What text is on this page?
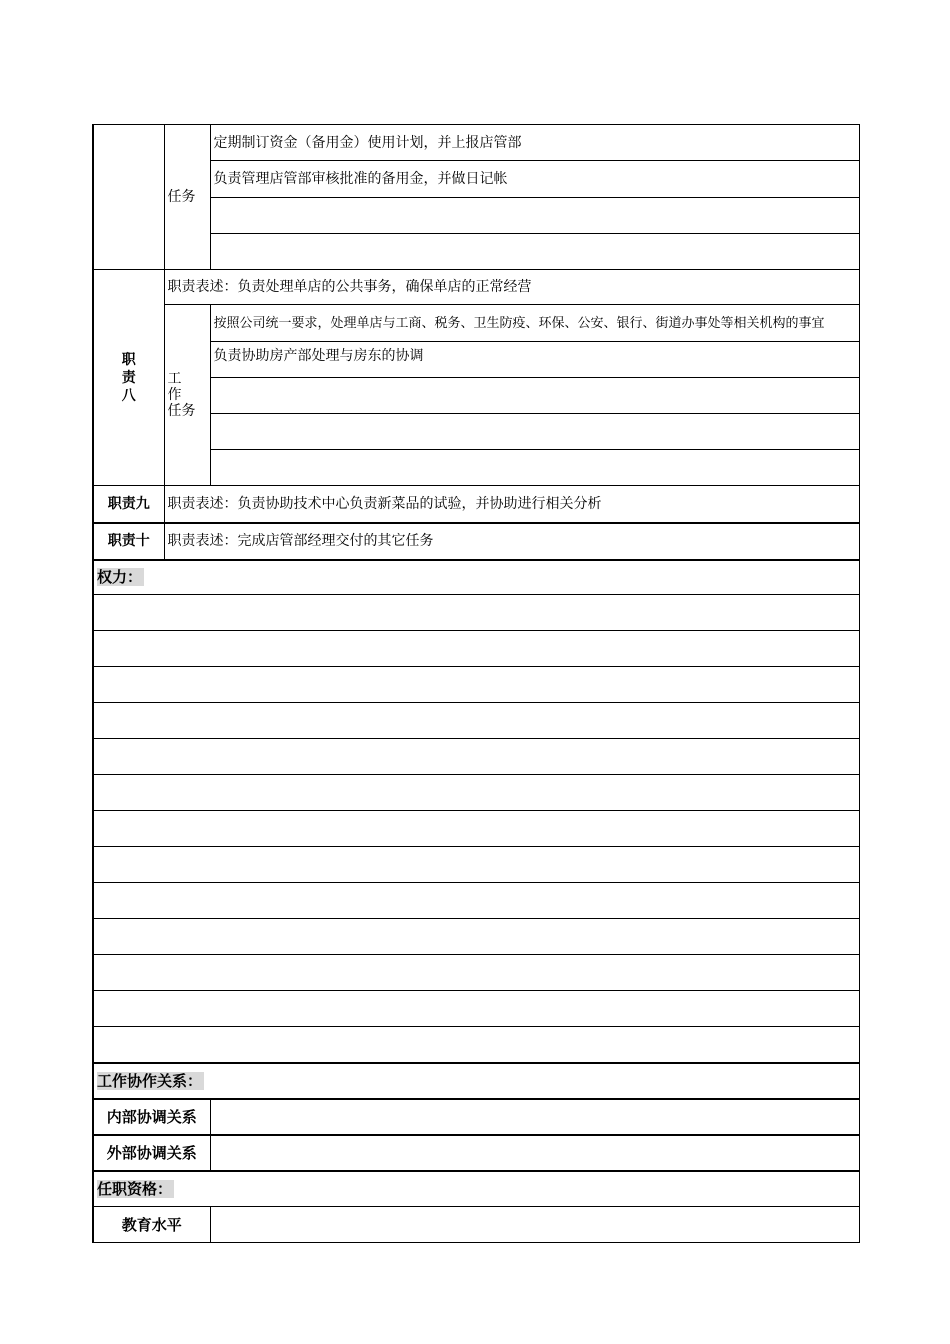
	任务	定期制订资金（备用金）使用计划，并上报店管部
		负责管理店管部审核批准的备用金，并做日记帐

职
责
八	职责表述：负责处理单店的公共事务，确保单店的正常经营	

	工　作
任务	按照公司统一要求，处理单店与工商、税务、卫生防疫、环保、公安、银行、街道办事处等相关机构的事宜
		负责协助房产部处理与房东的协调

职责九	职责表述：负责协助技术中心负责新菜品的试验，并协助进行相关分析	
职责十	职责表述：完成店管部经理交付的其它任务	
权力：		

工作协作关系：		
内部协调关系		
外部协调关系		
任职资格：		
教育水平		
